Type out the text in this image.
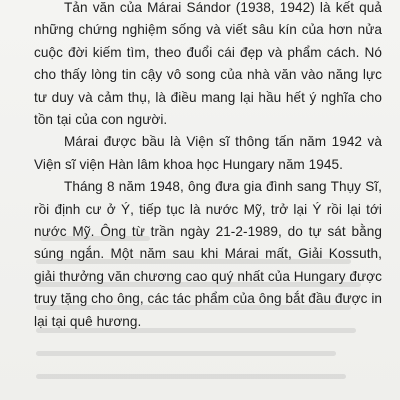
Tản văn của Márai Sándor (1938, 1942) là kết quả những chứng nghiệm sống và viết sâu kín của hơn nửa cuộc đời kiếm tìm, theo đuổi cái đẹp và phẩm cách. Nó cho thấy lòng tin cậy vô song của nhà văn vào năng lực tư duy và cảm thụ, là điều mang lại hầu hết ý nghĩa cho tồn tại của con người.

Márai được bầu là Viện sĩ thông tấn năm 1942 và Viện sĩ viện Hàn lâm khoa học Hungary năm 1945.

Tháng 8 năm 1948, ông đưa gia đình sang Thụy Sĩ, rồi định cư ở Ý, tiếp tục là nước Mỹ, trở lại Ý rồi lại tới nước Mỹ. Ông từ trần ngày 21-2-1989, do tự sát bằng súng ngắn. Một năm sau khi Márai mất, Giải Kossuth, giải thưởng văn chương cao quý nhất của Hungary được truy tặng cho ông, các tác phẩm của ông bắt đầu được in lại tại quê hương.
